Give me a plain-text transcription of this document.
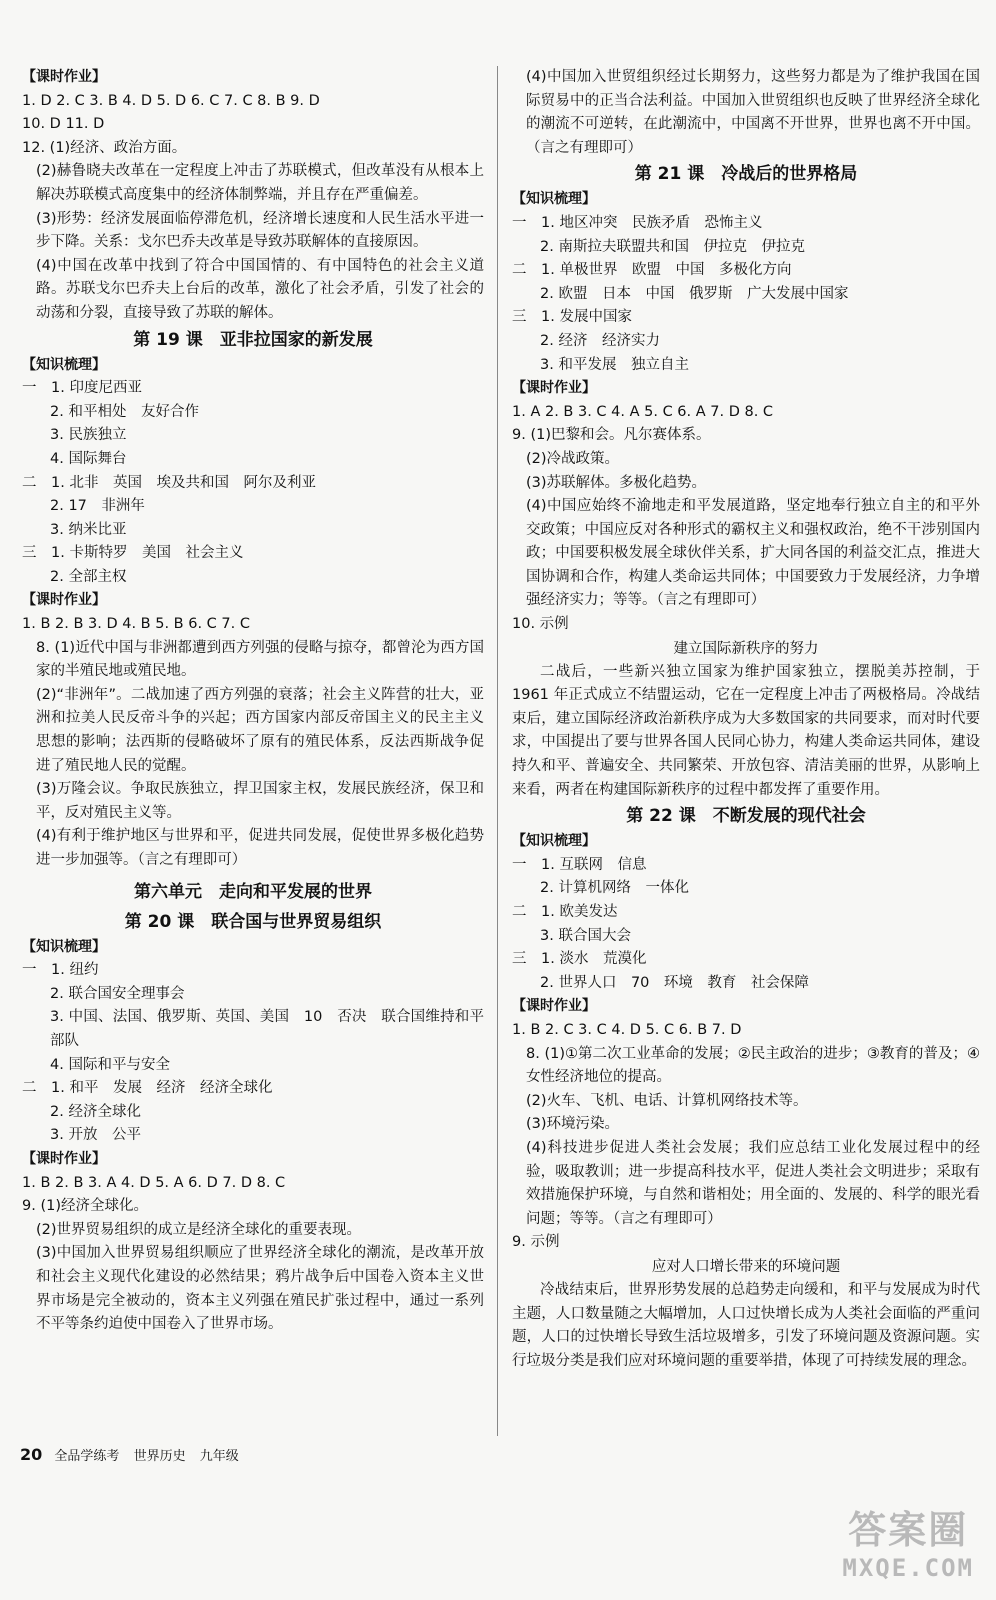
【课时作业】
1. D 2. C 3. B 4. D 5. D 6. C 7. C 8. B 9. D
10. D 11. D
12. (1)经济、政治方面。
(2)赫鲁晓夫改革在一定程度上冲击了苏联模式，但改革没有从根本上解决苏联模式高度集中的经济体制弊端，并且存在严重偏差。
(3)形势：经济发展面临停滞危机，经济增长速度和人民生活水平进一步下降。关系：戈尔巴乔夫改革是导致苏联解体的直接原因。
(4)中国在改革中找到了符合中国国情的、有中国特色的社会主义道路。苏联戈尔巴乔夫上台后的改革，激化了社会矛盾，引发了社会的动荡和分裂，直接导致了苏联的解体。
第 19 课　亚非拉国家的新发展
【知识梳理】
一　1. 印度尼西亚
2. 和平相处　友好合作
3. 民族独立
4. 国际舞台
二　1. 北非　英国　埃及共和国　阿尔及利亚
2. 17　非洲年
3. 纳米比亚
三　1. 卡斯特罗　美国　社会主义
2. 全部主权
【课时作业】
1. B 2. B 3. D 4. B 5. B 6. C 7. C
8. (1)近代中国与非洲都遭到西方列强的侵略与掠夺，都曾沦为西方国家的半殖民地或殖民地。
(2)“非洲年”。二战加速了西方列强的衰落；社会主义阵营的壮大，亚洲和拉美人民反帝斗争的兴起；西方国家内部反帝国主义的民主主义思想的影响；法西斯的侵略破坏了原有的殖民体系，反法西斯战争促进了殖民地人民的觉醒。
(3)万隆会议。争取民族独立，捍卫国家主权，发展民族经济，保卫和平，反对殖民主义等。
(4)有利于维护地区与世界和平，促进共同发展，促使世界多极化趋势进一步加强等。（言之有理即可）
第六单元　走向和平发展的世界
第 20 课　联合国与世界贸易组织
【知识梳理】
一　1. 纽约
2. 联合国安全理事会
3. 中国、法国、俄罗斯、英国、美国　10　否决　联合国维持和平部队
4. 国际和平与安全
二　1. 和平　发展　经济　经济全球化
2. 经济全球化
3. 开放　公平
【课时作业】
1. B 2. B 3. A 4. D 5. A 6. D 7. D 8. C
9. (1)经济全球化。
(2)世界贸易组织的成立是经济全球化的重要表现。
(3)中国加入世界贸易组织顺应了世界经济全球化的潮流，是改革开放和社会主义现代化建设的必然结果；鸦片战争后中国卷入资本主义世界市场是完全被动的，资本主义列强在殖民扩张过程中，通过一系列不平等条约迫使中国卷入了世界市场。
(4)中国加入世贸组织经过长期努力，这些努力都是为了维护我国在国际贸易中的正当合法利益。中国加入世贸组织也反映了世界经济全球化的潮流不可逆转，在此潮流中，中国离不开世界，世界也离不开中国。（言之有理即可）
第 21 课　冷战后的世界格局
【知识梳理】
一　1. 地区冲突　民族矛盾　恐怖主义
2. 南斯拉夫联盟共和国　伊拉克　伊拉克
二　1. 单极世界　欧盟　中国　多极化方向
2. 欧盟　日本　中国　俄罗斯　广大发展中国家
三　1. 发展中国家
2. 经济　经济实力
3. 和平发展　独立自主
【课时作业】
1. A 2. B 3. C 4. A 5. C 6. A 7. D 8. C
9. (1)巴黎和会。凡尔赛体系。
(2)冷战政策。
(3)苏联解体。多极化趋势。
(4)中国应始终不渝地走和平发展道路，坚定地奉行独立自主的和平外交政策；中国应反对各种形式的霸权主义和强权政治，绝不干涉别国内政；中国要积极发展全球伙伴关系，扩大同各国的利益交汇点，推进大国协调和合作，构建人类命运共同体；中国要致力于发展经济，力争增强经济实力；等等。（言之有理即可）
10. 示例
建立国际新秩序的努力
二战后，一些新兴独立国家为维护国家独立，摆脱美苏控制，于 1961 年正式成立不结盟运动，它在一定程度上冲击了两极格局。冷战结束后，建立国际经济政治新秩序成为大多数国家的共同要求，而对时代要求，中国提出了要与世界各国人民同心协力，构建人类命运共同体，建设持久和平、普遍安全、共同繁荣、开放包容、清洁美丽的世界，从影响上来看，两者在构建国际新秩序的过程中都发挥了重要作用。
第 22 课　不断发展的现代社会
【知识梳理】
一　1. 互联网　信息
2. 计算机网络　一体化
二　1. 欧美发达
3. 联合国大会
三　1. 淡水　荒漠化
2. 世界人口　70　环境　教育　社会保障
【课时作业】
1. B 2. C 3. C 4. D 5. C 6. B 7. D
8. (1)①第二次工业革命的发展；②民主政治的进步；③教育的普及；④女性经济地位的提高。
(2)火车、飞机、电话、计算机网络技术等。
(3)环境污染。
(4)科技进步促进人类社会发展；我们应总结工业化发展过程中的经验，吸取教训；进一步提高科技水平，促进人类社会文明进步；采取有效措施保护环境，与自然和谐相处；用全面的、发展的、科学的眼光看问题；等等。（言之有理即可）
9. 示例
应对人口增长带来的环境问题
冷战结束后，世界形势发展的总趋势走向缓和，和平与发展成为时代主题，人口数量随之大幅增加，人口过快增长成为人类社会面临的严重问题，人口的过快增长导致生活垃圾增多，引发了环境问题及资源问题。实行垃圾分类是我们应对环境问题的重要举措，体现了可持续发展的理念。
20 全品学练考 世界历史 九年级
答案圈
MXQE.COM
